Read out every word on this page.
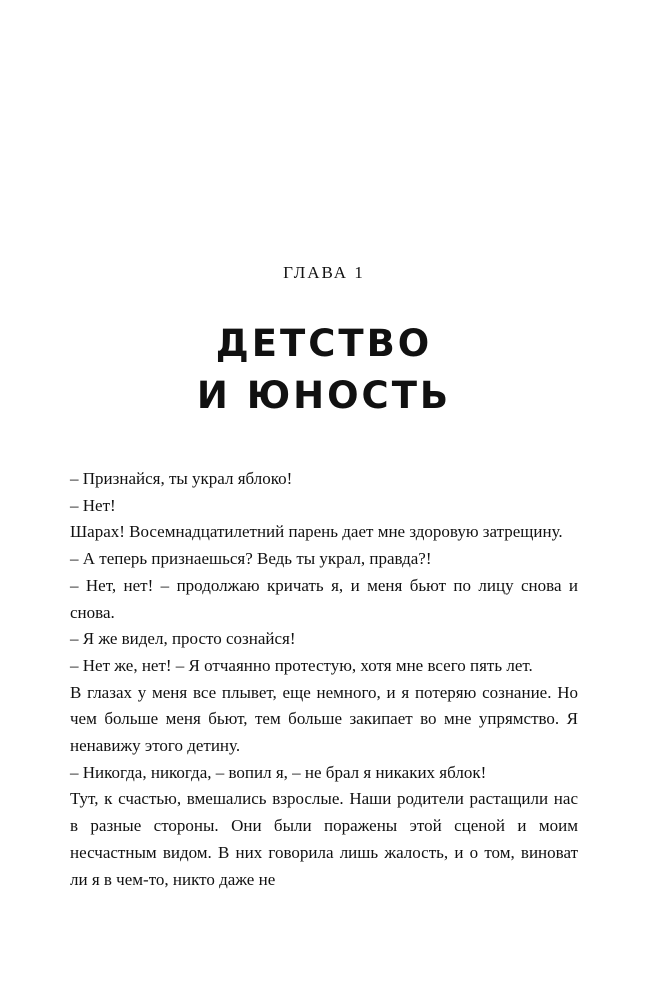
ГЛАВА 1
ДЕТСТВО
И ЮНОСТЬ

– Признайся, ты украл яблоко!

– Нет!

Шарах! Восемнадцатилетний парень дает мне здоровую затрещину.

– А теперь признаешься? Ведь ты украл, правда?!

– Нет, нет! – продолжаю кричать я, и меня бьют по лицу снова и снова.

– Я же видел, просто сознайся!

– Нет же, нет! – Я отчаянно протестую, хотя мне всего пять лет.

В глазах у меня все плывет, еще немного, и я потеряю сознание. Но чем больше меня бьют, тем больше закипает во мне упрямство. Я ненавижу этого детину.

– Никогда, никогда, – вопил я, – не брал я никаких яблок!

Тут, к счастью, вмешались взрослые. Наши родители растащили нас в разные стороны. Они были поражены этой сценой и моим несчастным видом. В них говорила лишь жалость, и о том, виноват ли я в чем-то, никто даже не
